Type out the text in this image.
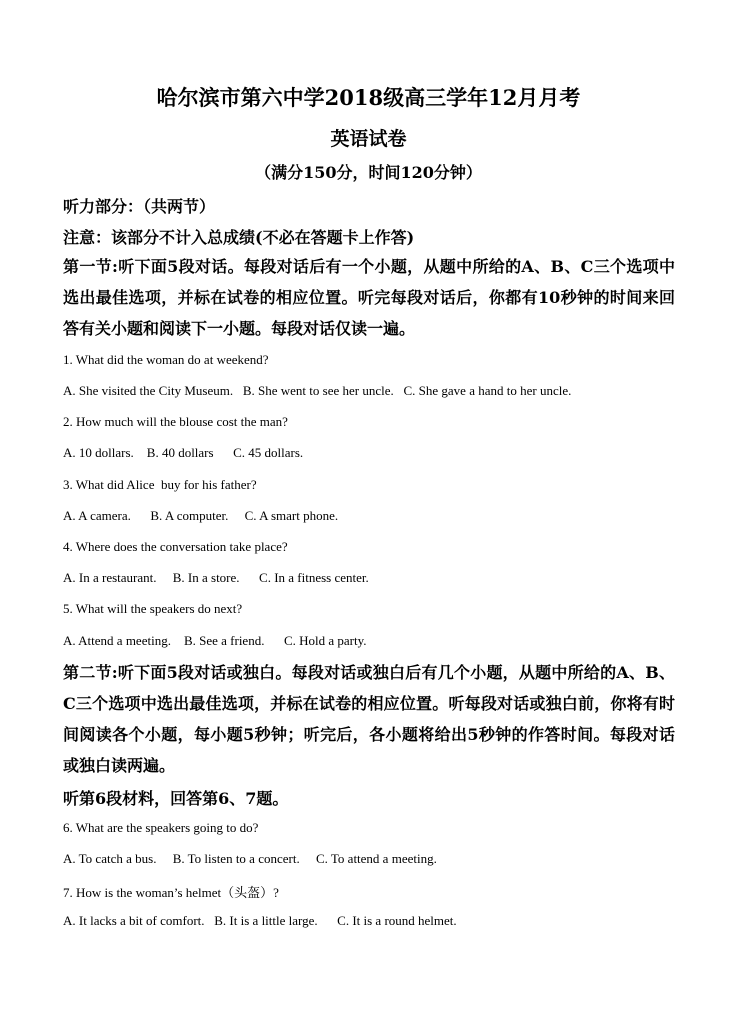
哈尔滨市第六中学2018级高三学年12月月考
英语试卷
（满分150分，时间120分钟）
听力部分：（共两节）
注意：该部分不计入总成绩(不必在答题卡上作答)
第一节:听下面5段对话。每段对话后有一个小题，从题中所给的A、B、C三个选项中选出最佳选项，并标在试卷的相应位置。听完每段对话后，你都有10秒钟的时间来回答有关小题和阅读下一小题。每段对话仅读一遍。
1. What did the woman do at weekend?
A. She visited the City Museum.   B. She went to see her uncle.   C. She gave a hand to her uncle.
2. How much will the blouse cost the man?
A. 10 dollars.    B. 40 dollars      C. 45 dollars.
3. What did Alice  buy for his father?
A. A camera.      B. A computer.     C. A smart phone.
4. Where does the conversation take place?
A. In a restaurant.     B. In a store.      C. In a fitness center.
5. What will the speakers do next?
A. Attend a meeting.    B. See a friend.      C. Hold a party.
第二节:听下面5段对话或独白。每段对话或独白后有几个小题，从题中所给的A、B、C三个选项中选出最佳选项，并标在试卷的相应位置。听每段对话或独白前，你将有时间阅读各个小题，每小题5秒钟；听完后，各小题将给出5秒钟的作答时间。每段对话或独白读两遍。
听第6段材料，回答第6、7题。
6. What are the speakers going to do?
A. To catch a bus.     B. To listen to a concert.     C. To attend a meeting.
7. How is the woman’s helmet（头盔）?
A. It lacks a bit of comfort.   B. It is a little large.      C. It is a round helmet.
